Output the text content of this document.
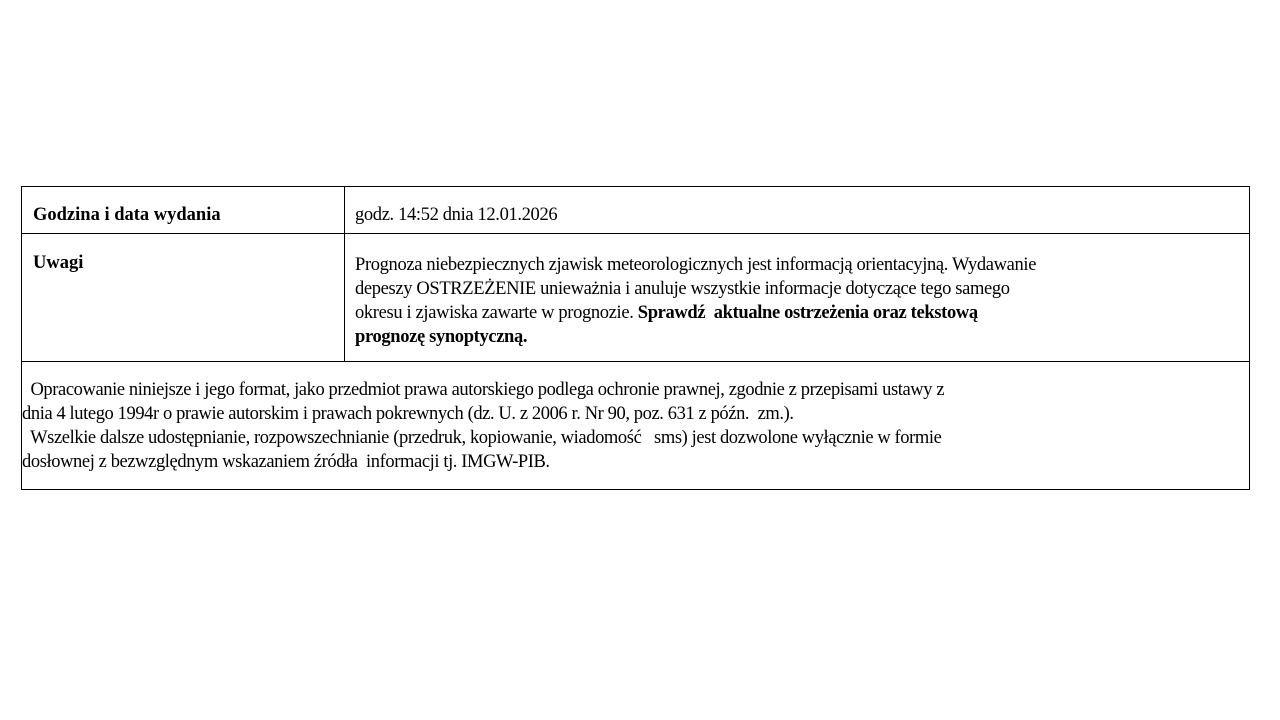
Godzina i data wydania	godz. 14:52 dnia 12.01.2026
Uwagi	Prognoza niebezpiecznych zjawisk meteorologicznych jest informacją orientacyjną. Wydawanie
depeszy OSTRZEŻENIE unieważnia i anuluje wszystkie informacje dotyczące tego samego
okresu i zjawiska zawarte w prognozie. Sprawdź  aktualne ostrzeżenia oraz tekstową
prognozę synoptyczną.
Opracowanie niniejsze i jego format, jako przedmiot prawa autorskiego podlega ochronie prawnej, zgodnie z przepisami ustawy z
dnia 4 lutego 1994r o prawie autorskim i prawach pokrewnych (dz. U. z 2006 r. Nr 90, poz. 631 z późn.  zm.).
Wszelkie dalsze udostępnianie, rozpowszechnianie (przedruk, kopiowanie, wiadomość   sms) jest dozwolone wyłącznie w formie
dosłownej z bezwzględnym wskazaniem źródła  informacji tj. IMGW-PIB.
